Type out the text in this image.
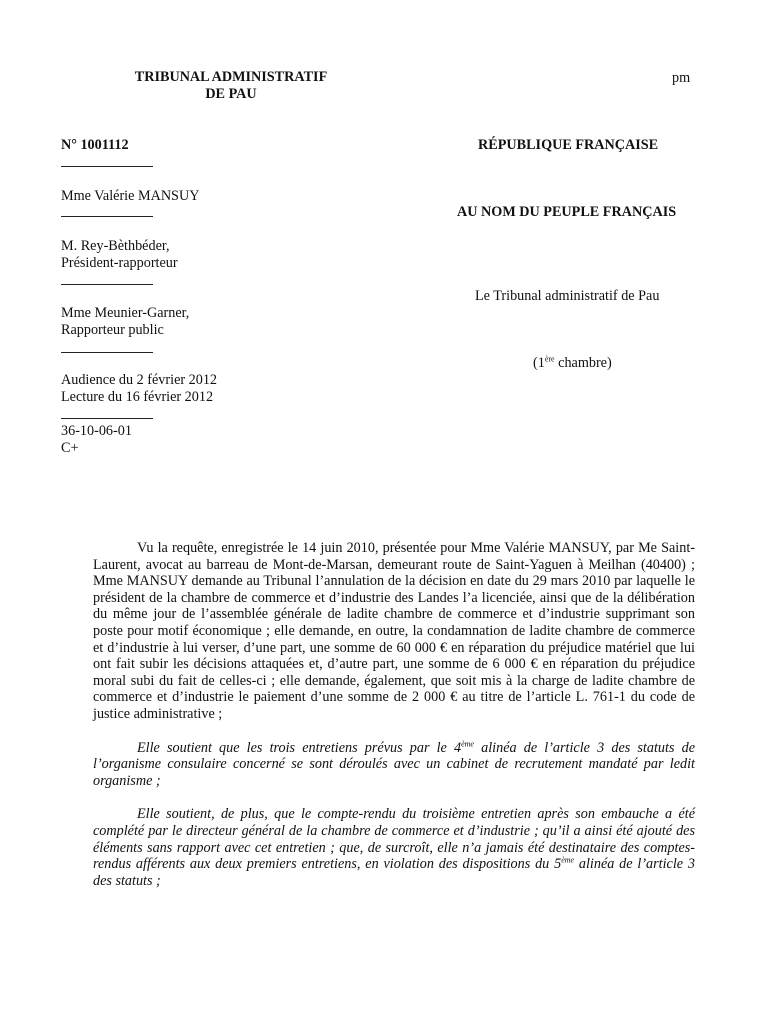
TRIBUNAL ADMINISTRATIF
DE PAU
pm
N° 1001112
Mme Valérie MANSUY
M. Rey-Bèthbéder,
Président-rapporteur
Mme Meunier-Garner,
Rapporteur public
Audience du 2 février 2012
Lecture du 16 février 2012
36-10-06-01
C+
RÉPUBLIQUE FRANÇAISE
AU NOM DU PEUPLE FRANÇAIS
Le Tribunal administratif de Pau
(1ère chambre)

Vu la requête, enregistrée le 14 juin 2010, présentée pour Mme Valérie MANSUY, par Me Saint-Laurent, avocat au barreau de Mont-de-Marsan, demeurant route de Saint-Yaguen à Meilhan (40400) ; Mme MANSUY demande au Tribunal l’annulation de la décision en date du 29 mars 2010 par laquelle le président de la chambre de commerce et d’industrie des Landes l’a licenciée, ainsi que de la délibération du même jour de l’assemblée générale de ladite chambre de commerce et d’industrie supprimant son poste pour motif économique ; elle demande, en outre, la condamnation de ladite chambre de commerce et d’industrie à lui verser, d’une part, une somme de 60 000 € en réparation du préjudice matériel que lui ont fait subir les décisions attaquées et, d’autre part, une somme de 6 000 € en réparation du préjudice moral subi du fait de celles-ci ; elle demande, également, que soit mis à la charge de ladite chambre de commerce et d’industrie le paiement d’une somme de 2 000 € au titre de l’article L. 761-1 du code de justice administrative ;

Elle soutient que les trois entretiens prévus par le 4ème alinéa de l’article 3 des statuts de l’organisme consulaire concerné se sont déroulés avec un cabinet de recrutement mandaté par ledit organisme ;

Elle soutient, de plus, que le compte-rendu du troisième entretien après son embauche a été complété par le directeur général de la chambre de commerce et d’industrie ; qu’il a ainsi été ajouté des éléments sans rapport avec cet entretien ; que, de surcroît, elle n’a jamais été destinataire des comptes-rendus afférents aux deux premiers entretiens, en violation des dispositions du 5ème alinéa de l’article 3 des statuts ;
